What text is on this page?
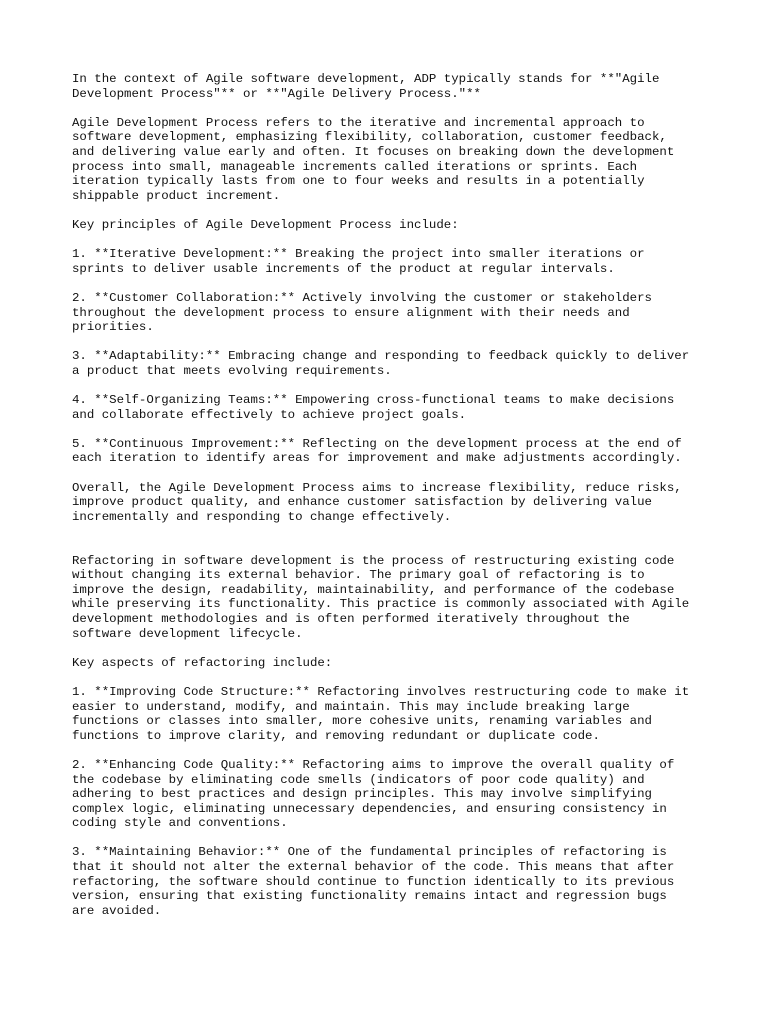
In the context of Agile software development, ADP typically stands for **"Agile
Development Process"** or **"Agile Delivery Process."**

Agile Development Process refers to the iterative and incremental approach to
software development, emphasizing flexibility, collaboration, customer feedback,
and delivering value early and often. It focuses on breaking down the development
process into small, manageable increments called iterations or sprints. Each
iteration typically lasts from one to four weeks and results in a potentially
shippable product increment.

Key principles of Agile Development Process include:

1. **Iterative Development:** Breaking the project into smaller iterations or
sprints to deliver usable increments of the product at regular intervals.

2. **Customer Collaboration:** Actively involving the customer or stakeholders
throughout the development process to ensure alignment with their needs and
priorities.

3. **Adaptability:** Embracing change and responding to feedback quickly to deliver
a product that meets evolving requirements.

4. **Self-Organizing Teams:** Empowering cross-functional teams to make decisions
and collaborate effectively to achieve project goals.

5. **Continuous Improvement:** Reflecting on the development process at the end of
each iteration to identify areas for improvement and make adjustments accordingly.

Overall, the Agile Development Process aims to increase flexibility, reduce risks,
improve product quality, and enhance customer satisfaction by delivering value
incrementally and responding to change effectively.

Refactoring in software development is the process of restructuring existing code
without changing its external behavior. The primary goal of refactoring is to
improve the design, readability, maintainability, and performance of the codebase
while preserving its functionality. This practice is commonly associated with Agile
development methodologies and is often performed iteratively throughout the
software development lifecycle.

Key aspects of refactoring include:

1. **Improving Code Structure:** Refactoring involves restructuring code to make it
easier to understand, modify, and maintain. This may include breaking large
functions or classes into smaller, more cohesive units, renaming variables and
functions to improve clarity, and removing redundant or duplicate code.

2. **Enhancing Code Quality:** Refactoring aims to improve the overall quality of
the codebase by eliminating code smells (indicators of poor code quality) and
adhering to best practices and design principles. This may involve simplifying
complex logic, eliminating unnecessary dependencies, and ensuring consistency in
coding style and conventions.

3. **Maintaining Behavior:** One of the fundamental principles of refactoring is
that it should not alter the external behavior of the code. This means that after
refactoring, the software should continue to function identically to its previous
version, ensuring that existing functionality remains intact and regression bugs
are avoided.
